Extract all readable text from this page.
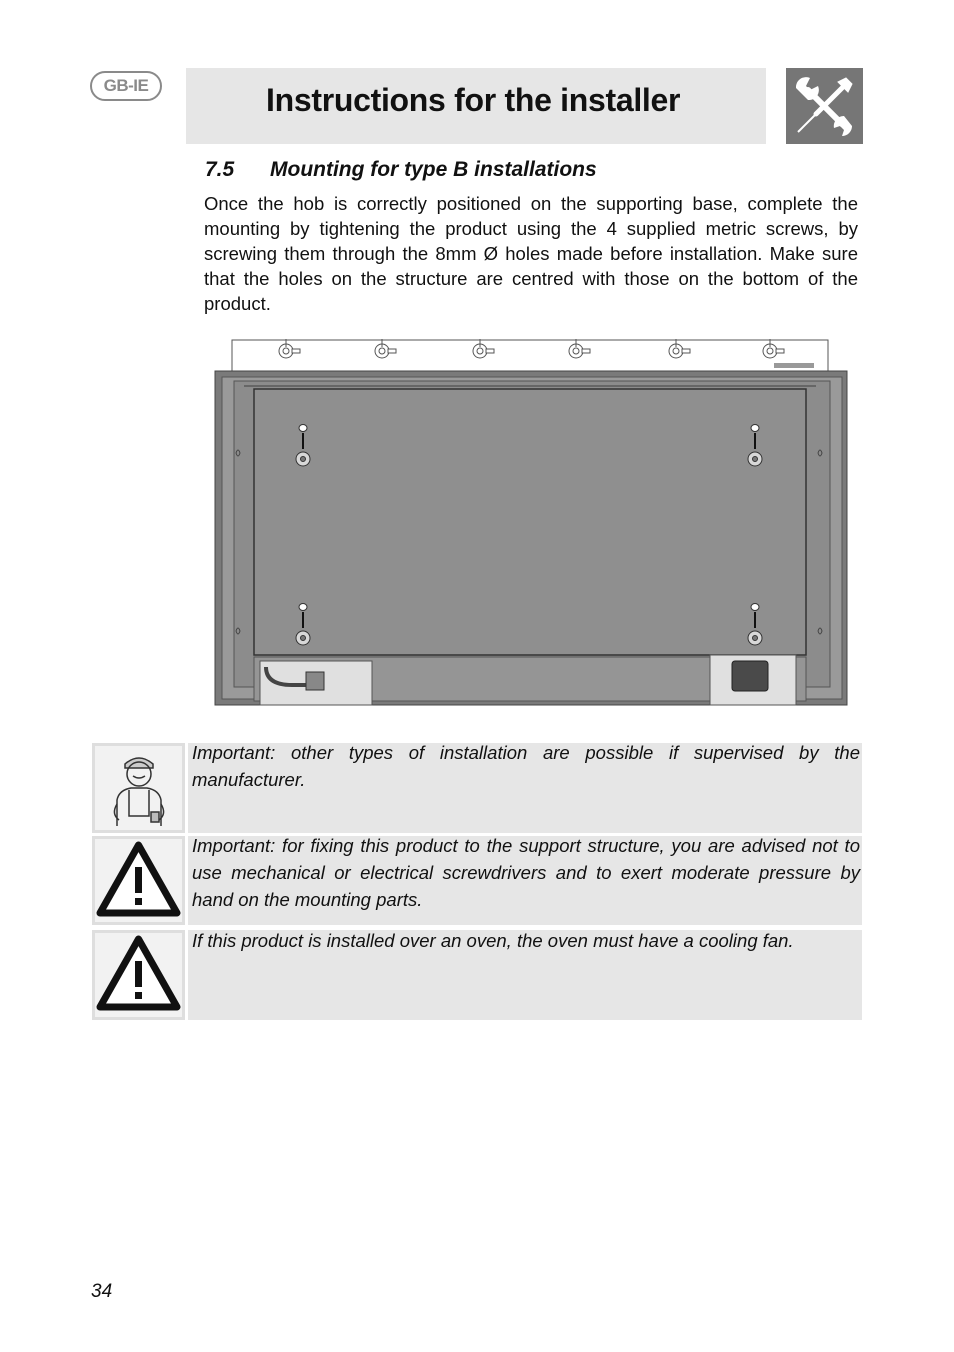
GB-IE	Instructions for the installer
7.5 Mounting for type B installations
Once the hob is correctly positioned on the supporting base, complete the mounting by tightening the product using the 4 supplied metric screws, by screwing them through the 8mm Ø holes made before installation. Make sure that the holes on the structure are centred with those on the bottom of the product.
Important: other types of installation are possible if supervised by the manufacturer.
Important: for fixing this product to the support structure, you are advised not to use mechanical or electrical screwdrivers and to exert moderate pressure by hand on the mounting parts.
If this product is installed over an oven, the oven must have a cooling fan.
34
